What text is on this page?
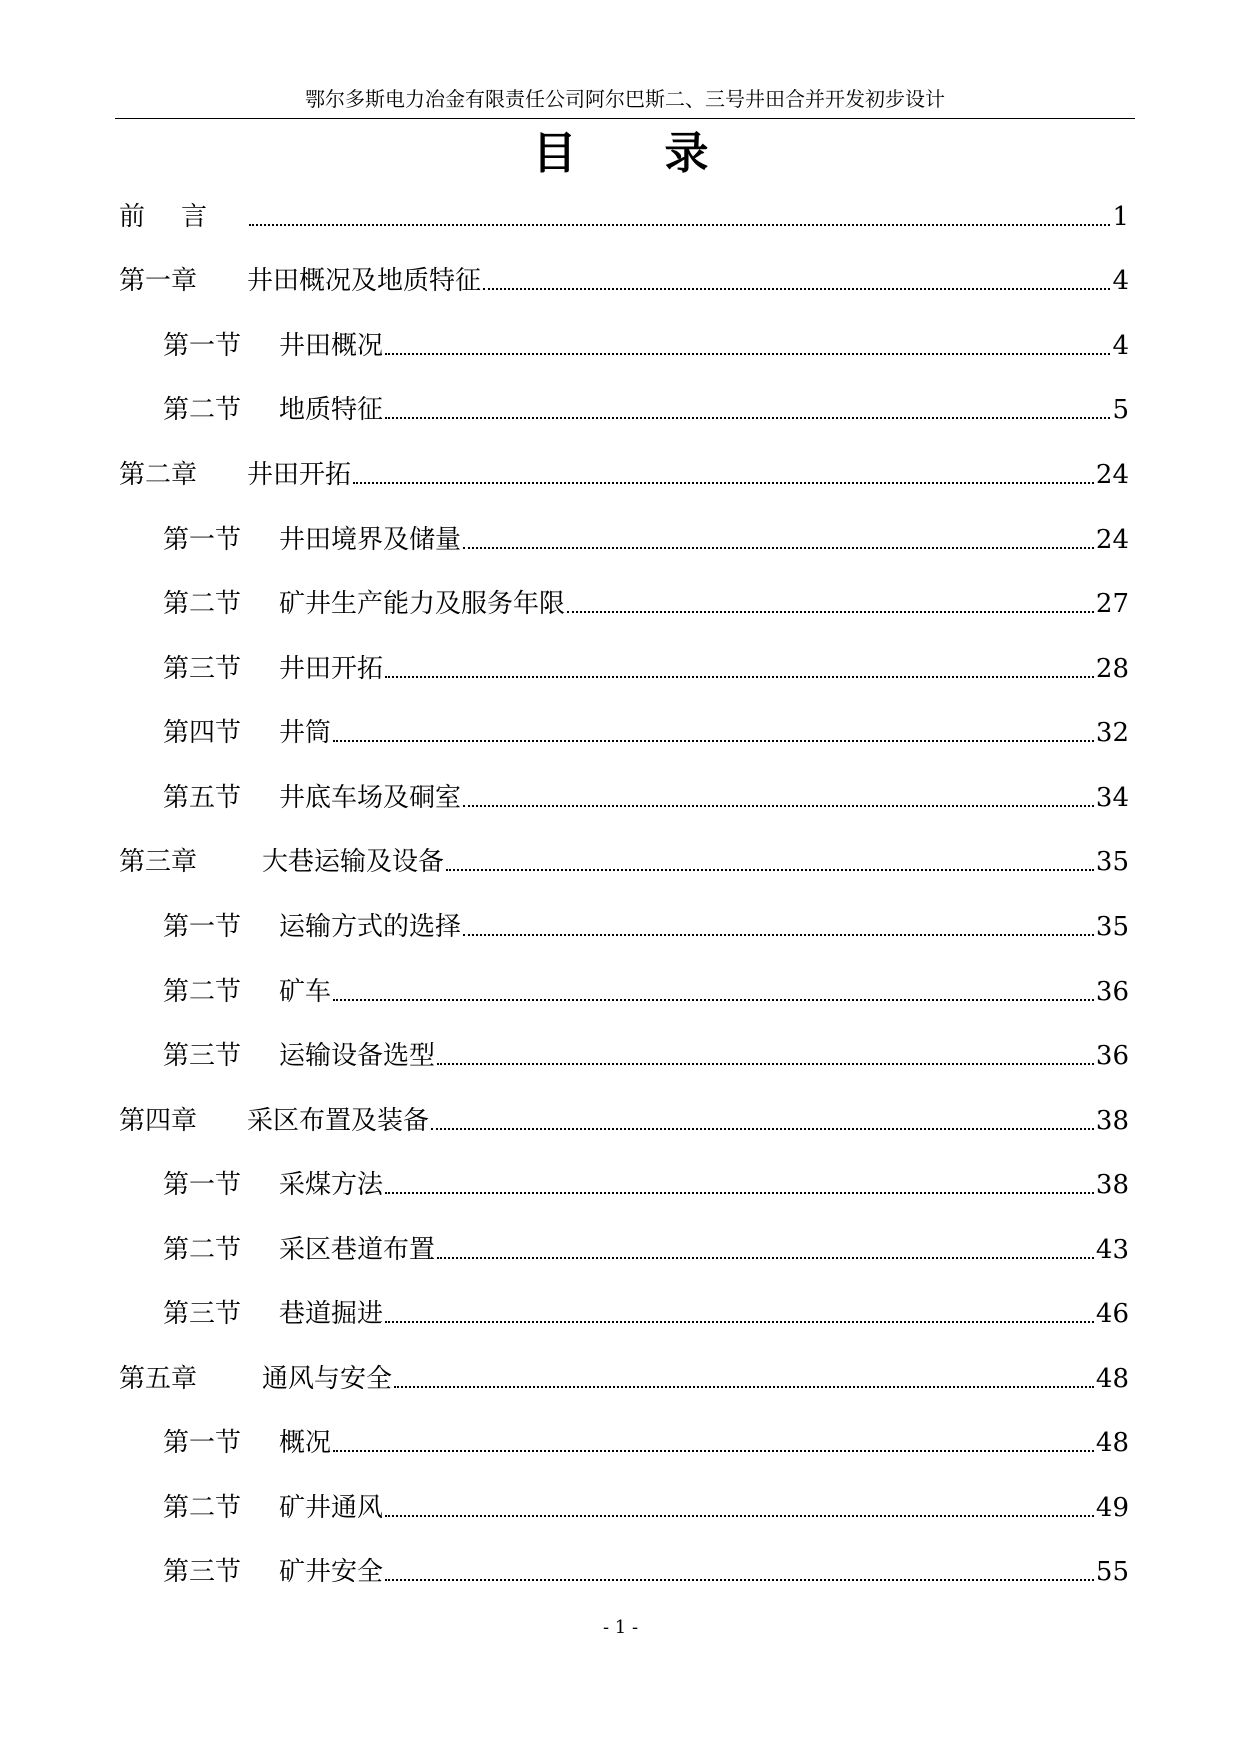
鄂尔多斯电力冶金有限责任公司阿尔巴斯二、三号井田合并开发初步设计
目 录
前 言	1
第一章	井田概况及地质特征	4
第一节	井田概况	4
第二节	地质特征	5
第二章	井田开拓	24
第一节	井田境界及储量	24
第二节	矿井生产能力及服务年限	27
第三节	井田开拓	28
第四节	井筒	32
第五节	井底车场及硐室	34
第三章	大巷运输及设备	35
第一节	运输方式的选择	35
第二节	矿车	36
第三节	运输设备选型	36
第四章	采区布置及装备	38
第一节	采煤方法	38
第二节	采区巷道布置	43
第三节	巷道掘进	46
第五章	通风与安全	48
第一节	概况	48
第二节	矿井通风	49
第三节	矿井安全	55
- 1 -
